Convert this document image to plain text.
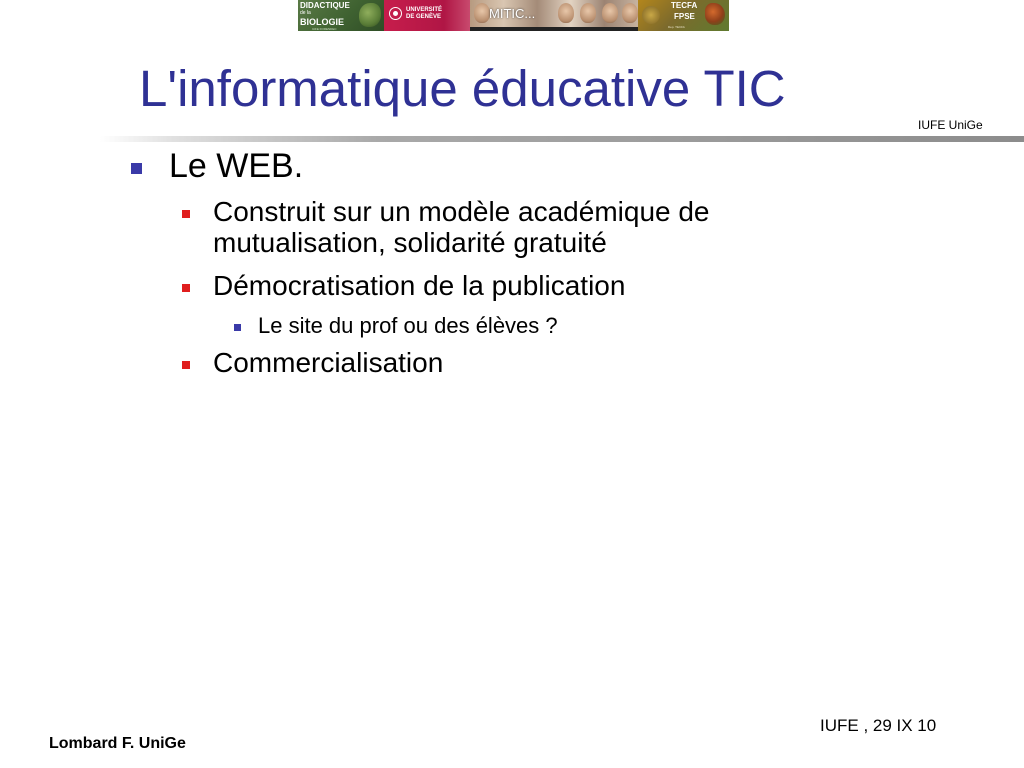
DIDACTIQUE
de la
BIOLOGIE
IUFE FORENDEC
UNIVERSITÉ
DE GENÈVE	MITIC...
TECFA
FPSE
Dep. TECFA
L'informatique éducative TIC
IUFE UniGe
Le WEB.
Construit sur un modèle académique de
mutualisation, solidarité gratuité
Démocratisation de la publication
Le site du prof ou des élèves ?
Commercialisation
Lombard F. UniGe
IUFE , 29 IX 10
